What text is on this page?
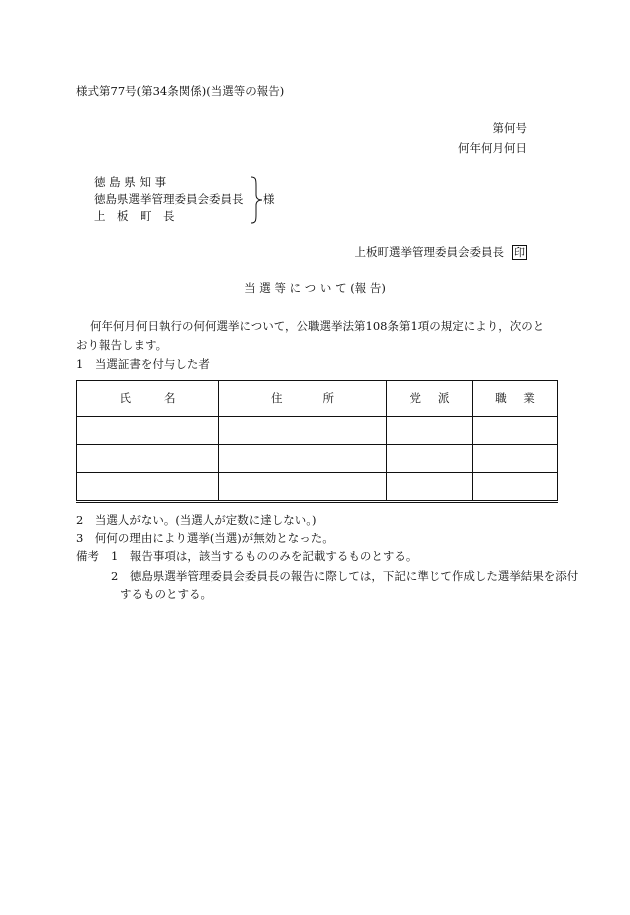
様式第77号(第34条関係)(当選等の報告)
第何号
何年何月何日
徳 島 県 知 事
徳島県選挙管理委員会委員長
上　板　町　長
様
上板町選挙管理委員会委員長 印
当 選 等 に つ い て (報 告)
何年何月何日執行の何何選挙について，公職選挙法第108条第1項の規定により，次のと
おり報告します。
1　当選証書を付与した者
氏 名	住 所	党 派	職 業

2　当選人がない。(当選人が定数に達しない。)
3　何何の理由により選挙(当選)が無効となった。
備考 1　報告事項は，該当するもののみを記載するものとする。
2　徳島県選挙管理委員会委員長の報告に際しては，下記に準じて作成した選挙結果を添付
するものとする。
